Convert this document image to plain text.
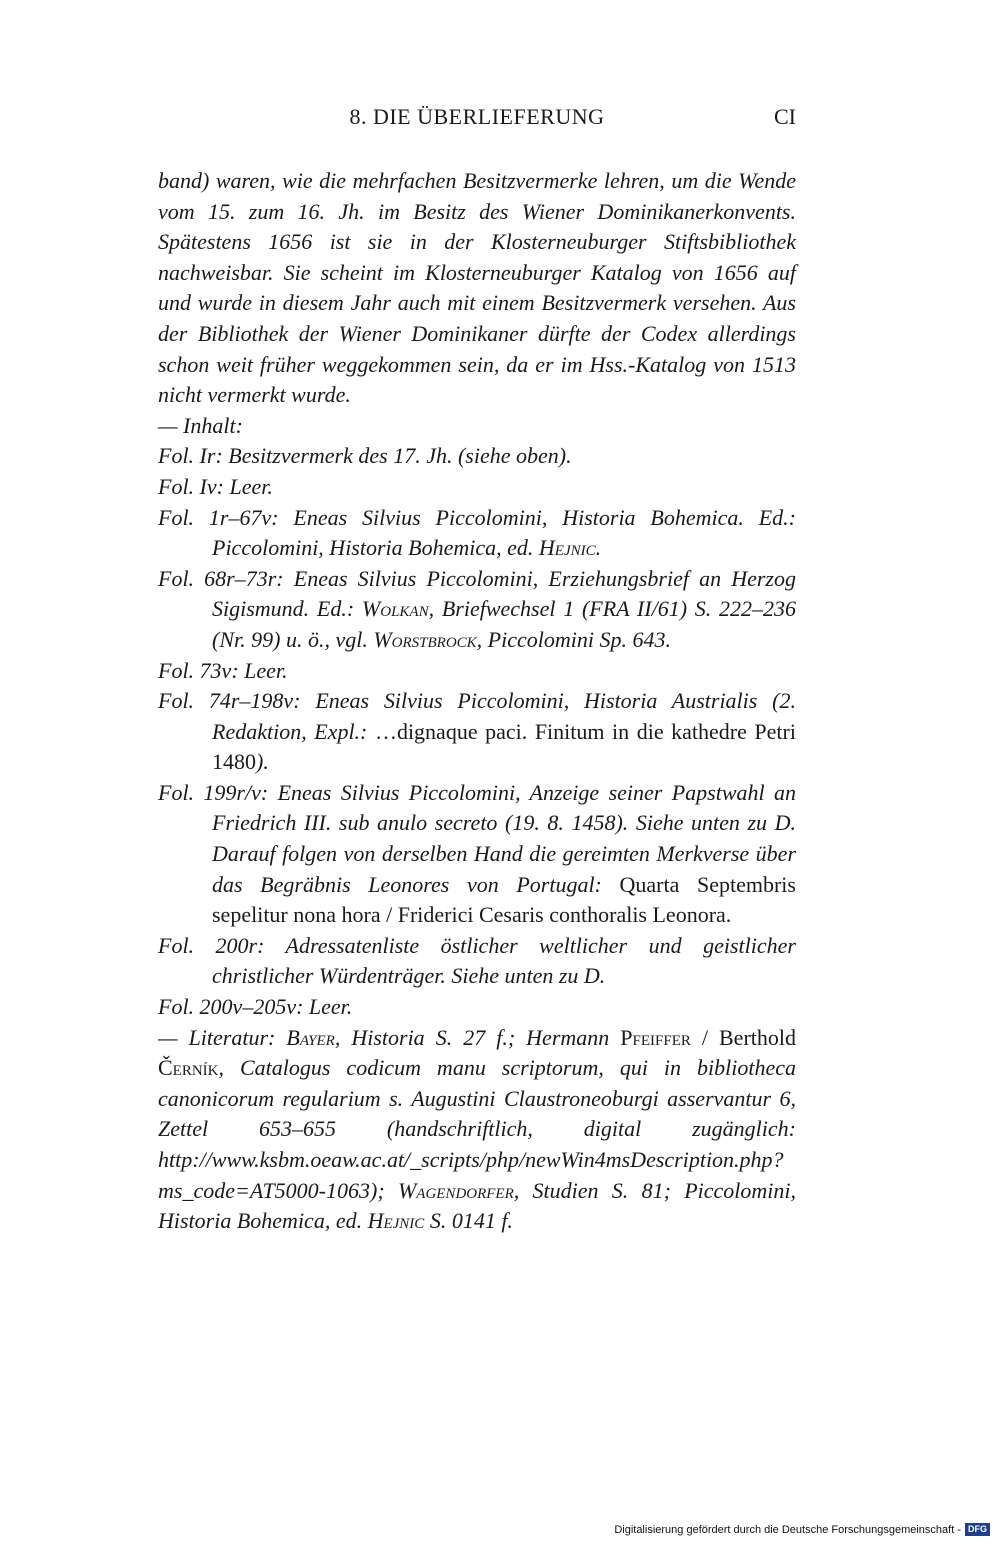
8. DIE ÜBERLIEFERUNG	CI

band) waren, wie die mehrfachen Besitzvermerke lehren, um die Wende vom 15. zum 16. Jh. im Besitz des Wiener Dominikanerkonvents. Spätestens 1656 ist sie in der Klosterneuburger Stiftsbibliothek nachweisbar. Sie scheint im Klosterneuburger Katalog von 1656 auf und wurde in diesem Jahr auch mit einem Besitzvermerk versehen. Aus der Bibliothek der Wiener Dominikaner dürfte der Codex allerdings schon weit früher weggekommen sein, da er im Hss.-Katalog von 1513 nicht vermerkt wurde.

— Inhalt:

Fol. Ir: Besitzvermerk des 17. Jh. (siehe oben).

Fol. Iv: Leer.

Fol. 1r–67v: Eneas Silvius Piccolomini, Historia Bohemica. Ed.: Piccolomini, Historia Bohemica, ed. Hejnic.

Fol. 68r–73r: Eneas Silvius Piccolomini, Erziehungsbrief an Herzog Sigismund. Ed.: Wolkan, Briefwechsel 1 (FRA II/61) S. 222–236 (Nr. 99) u. ö., vgl. Worstbrock, Piccolomini Sp. 643.

Fol. 73v: Leer.

Fol. 74r–198v: Eneas Silvius Piccolomini, Historia Austrialis (2. Redaktion, Expl.: …dignaque paci. Finitum in die kathedre Petri 1480).

Fol. 199r/v: Eneas Silvius Piccolomini, Anzeige seiner Papstwahl an Friedrich III. sub anulo secreto (19. 8. 1458). Siehe unten zu D. Darauf folgen von derselben Hand die gereimten Merkverse über das Begräbnis Leonores von Portugal: Quarta Septembris sepelitur nona hora / Friderici Cesaris conthoralis Leonora.

Fol. 200r: Adressatenliste östlicher weltlicher und geistlicher christlicher Würdenträger. Siehe unten zu D.

Fol. 200v–205v: Leer.

— Literatur: Bayer, Historia S. 27 f.; Hermann Pfeiffer / Berthold Černík, Catalogus codicum manu scriptorum, qui in bibliotheca canonicorum regularium s. Augustini Claustroneoburgi asservantur 6, Zettel 653–655 (handschriftlich, digital zugänglich: http://www.ksbm.oeaw.ac.at/_scripts/php/newWin4msDescription.php?ms_code=AT5000-1063); Wagendorfer, Studien S. 81; Piccolomini, Historia Bohemica, ed. Hejnic S. 0141 f.

Digitalisierung gefördert durch die Deutsche Forschungsgemeinschaft - DFG
